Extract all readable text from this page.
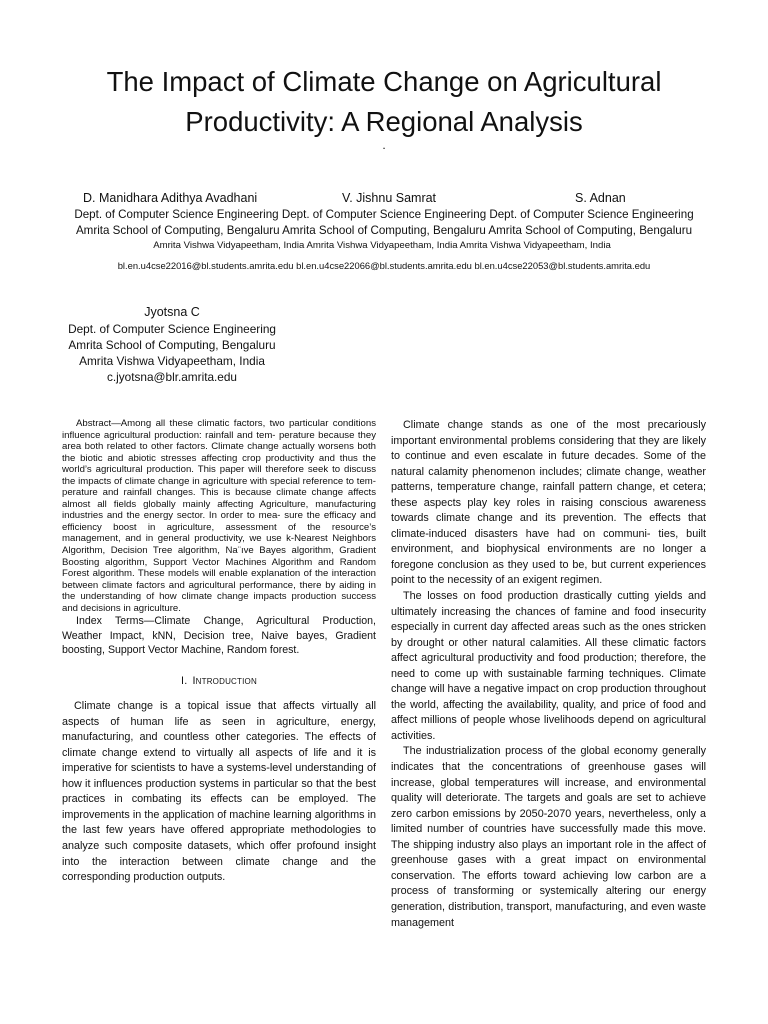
The Impact of Climate Change on Agricultural
Productivity: A Regional Analysis
.
D. Manidhara Adithya Avadhani	V. Jishnu Samrat	S. Adnan
Dept. of Computer Science Engineering Dept. of Computer Science Engineering Dept. of Computer Science Engineering
Amrita School of Computing, Bengaluru Amrita School of Computing, Bengaluru Amrita School of Computing, Bengaluru
Amrita Vishwa Vidyapeetham, India Amrita Vishwa Vidyapeetham, India Amrita Vishwa Vidyapeetham, India
bl.en.u4cse22016@bl.students.amrita.edu bl.en.u4cse22066@bl.students.amrita.edu bl.en.u4cse22053@bl.students.amrita.edu
Jyotsna C
Dept. of Computer Science Engineering
Amrita School of Computing, Bengaluru
Amrita Vishwa Vidyapeetham, India
c.jyotsna@blr.amrita.edu

Abstract—Among all these climatic factors, two particular conditions influence agricultural production: rainfall and tem- perature because they area both related to other factors. Climate change actually worsens both the biotic and abiotic stresses affecting crop productivity and thus the world’s agricultural production. This paper will therefore seek to discuss the impacts of climate change in agriculture with special reference to tem- perature and rainfall changes. This is because climate change affects almost all fields globally mainly affecting Agriculture, manufacturing industries and the energy sector. In order to mea- sure the efficacy and efficiency boost in agriculture, assessment of the resource’s management, and in general productivity, we use k-Nearest Neighbors Algorithm, Decision Tree algorithm, Na¨ıve Bayes algorithm, Gradient Boosting algorithm, Support Vector Machines Algorithm and Random Forest algorithm. These models will enable explanation of the interaction between climate factors and agricultural performance, there by aiding in the understanding of how climate change impacts production success and decisions in agriculture.

Index Terms—Climate Change, Agricultural Production, Weather Impact, kNN, Decision tree, Naive bayes, Gradient boosting, Support Vector Machine, Random forest.

I. Introduction

Climate change is a topical issue that affects virtually all aspects of human life as seen in agriculture, energy, manufacturing, and countless other categories. The effects of climate change extend to virtually all aspects of life and it is imperative for scientists to have a systems-level understanding of how it influences production systems in particular so that the best practices in combating its effects can be employed. The improvements in the application of machine learning algorithms in the last few years have offered appropriate methodologies to analyze such composite datasets, which offer profound insight into the interaction between climate change and the corresponding production outputs.

Climate change stands as one of the most precariously important environmental problems considering that they are likely to continue and even escalate in future decades. Some of the natural calamity phenomenon includes; climate change, weather patterns, temperature change, rainfall pattern change, et cetera; these aspects play key roles in raising conscious awareness towards climate change and its prevention. The effects that climate-induced disasters have had on communi- ties, built environment, and biophysical environments are no longer a foregone conclusion as they used to be, but current experiences point to the necessity of an exigent regimen.

The losses on food production drastically cutting yields and ultimately increasing the chances of famine and food insecurity especially in current day affected areas such as the ones stricken by drought or other natural calamities. All these climatic factors affect agricultural productivity and food production; therefore, the need to come up with sustainable farming techniques. Climate change will have a negative impact on crop production throughout the world, affecting the availability, quality, and price of food and affect millions of people whose livelihoods depend on agricultural activities.

The industrialization process of the global economy generally indicates that the concentrations of greenhouse gases will increase, global temperatures will increase, and environmental quality will deteriorate. The targets and goals are set to achieve zero carbon emissions by 2050-2070 years, nevertheless, only a limited number of countries have successfully made this move. The shipping industry also plays an important role in the affect of greenhouse gases with a great impact on environmental conservation. The efforts toward achieving low carbon are a process of transforming or systemically altering our energy generation, distribution, transport, manufacturing, and even waste management
